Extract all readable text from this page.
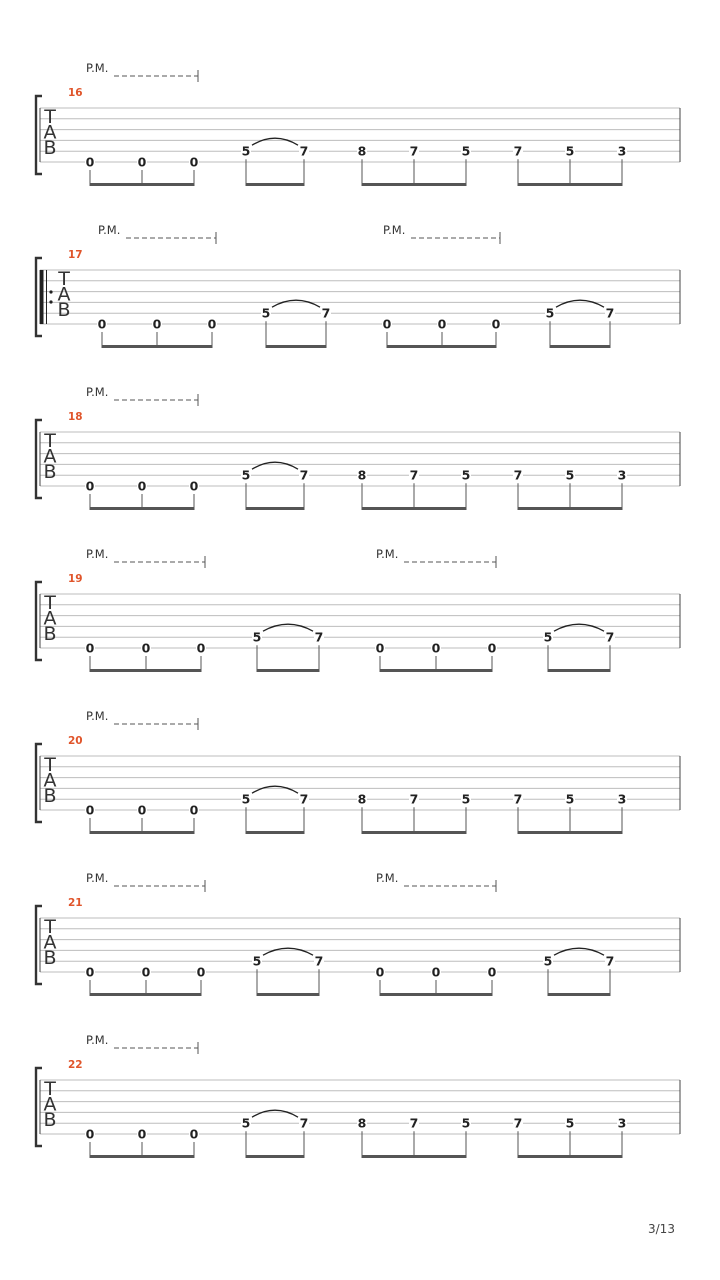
T
A
B
16
P.M.
0	0	0
5	7	8	7	5	7	5	3
T
A
B
17
P.M.	P.M.
0	0	0
5	7
0	0	0
5	7
T
A
B
18
P.M.
0	0	0
5	7	8	7	5	7	5	3
T
A
B
19
P.M.	P.M.
0	0	0
5	7
0	0	0
5	7
T
A
B
20
P.M.
0	0	0
5	7	8	7	5	7	5	3
T
A
B
21
P.M.	P.M.
0	0	0
5	7
0	0	0
5	7
T
A
B
22
P.M.
0	0	0
5	7	8	7	5	7	5	3
3/13
